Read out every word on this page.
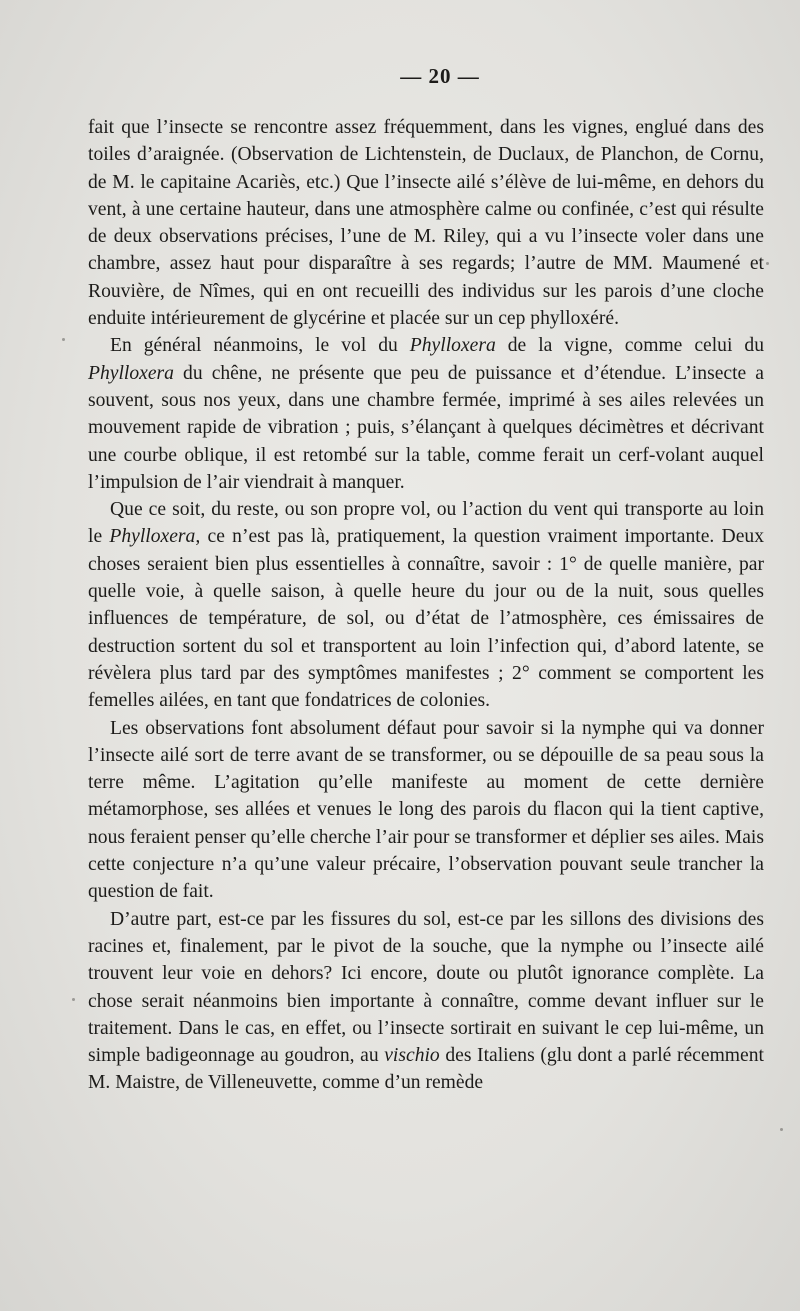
— 20 —

fait que l’insecte se rencontre assez fréquemment, dans les vignes, englué dans des toiles d’araignée. (Observation de Lichtenstein, de Duclaux, de Planchon, de Cornu, de M. le capitaine Acariès, etc.) Que l’insecte ailé s’élève de lui-même, en dehors du vent, à une certaine hauteur, dans une atmosphère calme ou confinée, c’est qui résulte de deux observations précises, l’une de M. Riley, qui a vu l’insecte voler dans une chambre, assez haut pour disparaître à ses regards; l’autre de MM. Maumené et Rouvière, de Nîmes, qui en ont recueilli des individus sur les parois d’une cloche enduite intérieurement de glycérine et placée sur un cep phylloxéré.

En général néanmoins, le vol du Phylloxera de la vigne, comme celui du Phylloxera du chêne, ne présente que peu de puissance et d’étendue. L’insecte a souvent, sous nos yeux, dans une chambre fermée, imprimé à ses ailes relevées un mouvement rapide de vibration ; puis, s’élançant à quelques décimètres et décrivant une courbe oblique, il est retombé sur la table, comme ferait un cerf-volant auquel l’impulsion de l’air viendrait à manquer.

Que ce soit, du reste, ou son propre vol, ou l’action du vent qui transporte au loin le Phylloxera, ce n’est pas là, pratiquement, la question vraiment importante. Deux choses seraient bien plus essentielles à connaître, savoir : 1° de quelle manière, par quelle voie, à quelle saison, à quelle heure du jour ou de la nuit, sous quelles influences de température, de sol, ou d’état de l’atmosphère, ces émissaires de destruction sortent du sol et transportent au loin l’infection qui, d’abord latente, se révèlera plus tard par des symptômes manifestes ; 2° comment se comportent les femelles ailées, en tant que fondatrices de colonies.

Les observations font absolument défaut pour savoir si la nymphe qui va donner l’insecte ailé sort de terre avant de se transformer, ou se dépouille de sa peau sous la terre même. L’agitation qu’elle manifeste au moment de cette dernière métamorphose, ses allées et venues le long des parois du flacon qui la tient captive, nous feraient penser qu’elle cherche l’air pour se transformer et déplier ses ailes. Mais cette conjecture n’a qu’une valeur précaire, l’observation pouvant seule trancher la question de fait.

D’autre part, est-ce par les fissures du sol, est-ce par les sillons des divisions des racines et, finalement, par le pivot de la souche, que la nymphe ou l’insecte ailé trouvent leur voie en dehors? Ici encore, doute ou plutôt ignorance complète. La chose serait néanmoins bien importante à connaître, comme devant influer sur le traitement. Dans le cas, en effet, ou l’insecte sortirait en suivant le cep lui-même, un simple badigeonnage au goudron, au vischio des Italiens (glu dont a parlé récemment M. Maistre, de Villeneuvette, comme d’un remède
